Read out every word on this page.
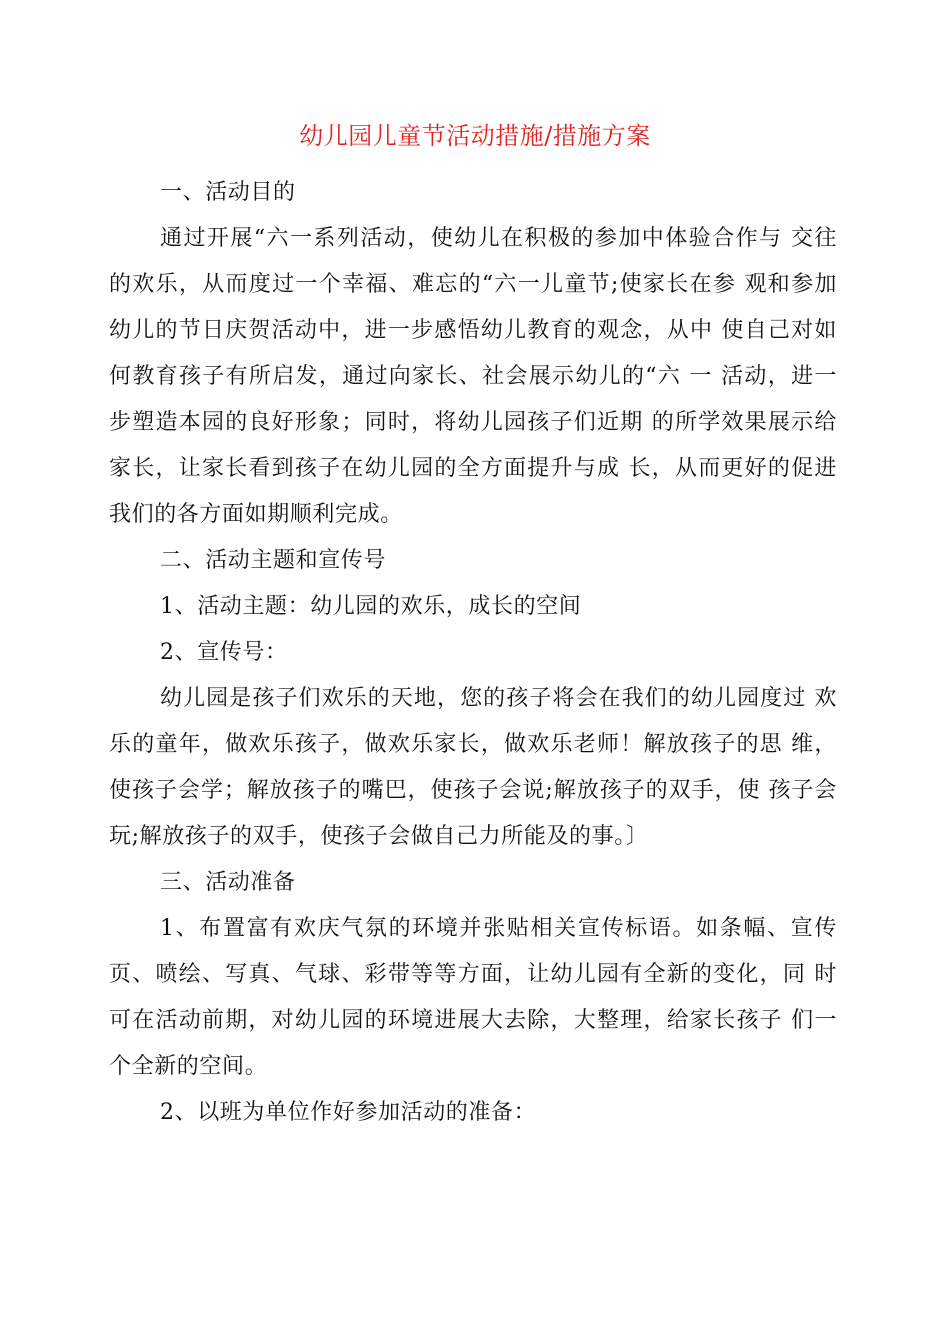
幼儿园儿童节活动措施/措施方案
一、活动目的
通过开展“六一系列活动，使幼儿在积极的参加中体验合作与 交往
的欢乐，从而度过一个幸福、难忘的“六一儿童节;使家长在参 观和参加
幼儿的节日庆贺活动中，进一步感悟幼儿教育的观念，从中 使自己对如
何教育孩子有所启发，通过向家长、社会展示幼儿的“六 一 活动，进一
步塑造本园的良好形象；同时，将幼儿园孩子们近期 的所学效果展示给
家长，让家长看到孩子在幼儿园的全方面提升与成 长，从而更好的促进
我们的各方面如期顺利完成。
二、活动主题和宣传号
1、活动主题：幼儿园的欢乐，成长的空间
2、宣传号：
幼儿园是孩子们欢乐的天地，您的孩子将会在我们的幼儿园度过 欢
乐的童年，做欢乐孩子，做欢乐家长，做欢乐老师！解放孩子的思 维，
使孩子会学；解放孩子的嘴巴，使孩子会说;解放孩子的双手，使 孩子会
玩;解放孩子的双手，使孩子会做自己力所能及的事。〕
三、活动准备
1、布置富有欢庆气氛的环境并张贴相关宣传标语。如条幅、宣传
页、喷绘、写真、气球、彩带等等方面，让幼儿园有全新的变化，同 时
可在活动前期，对幼儿园的环境进展大去除，大整理，给家长孩子 们一
个全新的空间。
2、以班为单位作好参加活动的准备：
